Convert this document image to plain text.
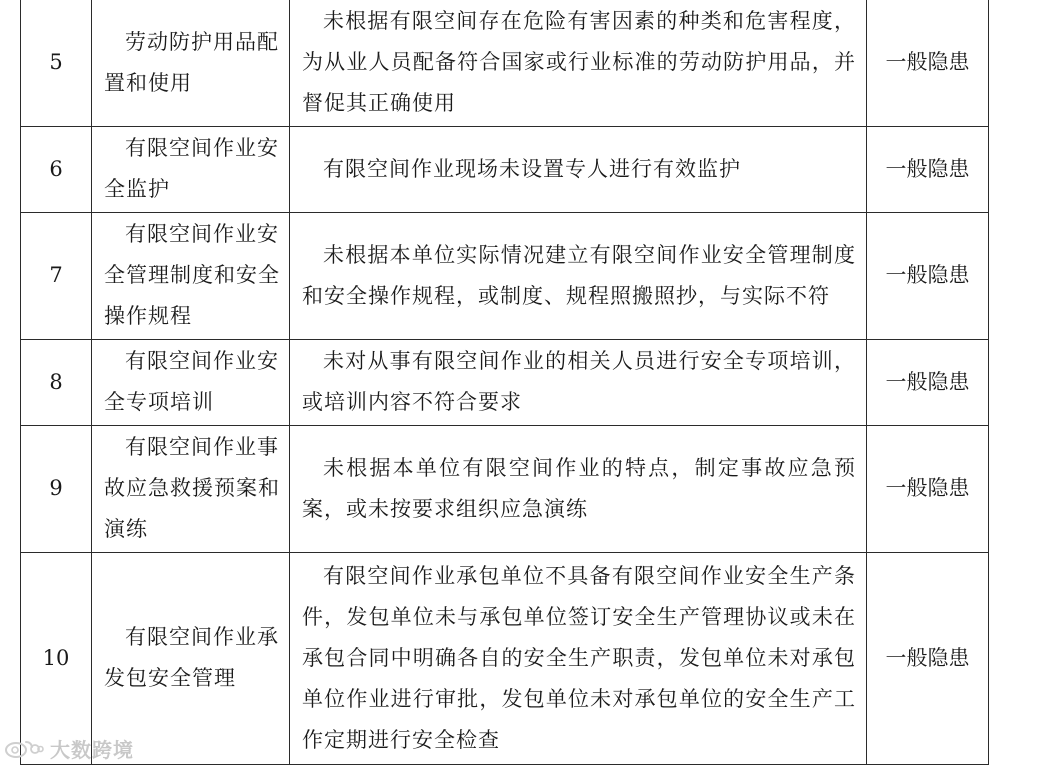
5	劳动防护用品配置和使用	未根据有限空间存在危险有害因素的种类和危害程度，为从业人员配备符合国家或行业标准的劳动防护用品，并督促其正确使用	一般隐患
6	有限空间作业安全监护	有限空间作业现场未设置专人进行有效监护	一般隐患
7	有限空间作业安全管理制度和安全操作规程	未根据本单位实际情况建立有限空间作业安全管理制度和安全操作规程，或制度、规程照搬照抄，与实际不符	一般隐患
8	有限空间作业安全专项培训	未对从事有限空间作业的相关人员进行安全专项培训，或培训内容不符合要求	一般隐患
9	有限空间作业事故应急救援预案和演练	未根据本单位有限空间作业的特点，制定事故应急预案，或未按要求组织应急演练	一般隐患
10	有限空间作业承发包安全管理	有限空间作业承包单位不具备有限空间作业安全生产条件，发包单位未与承包单位签订安全生产管理协议或未在承包合同中明确各自的安全生产职责，发包单位未对承包单位作业进行审批，发包单位未对承包单位的安全生产工作定期进行安全检查	一般隐患
大数跨境
